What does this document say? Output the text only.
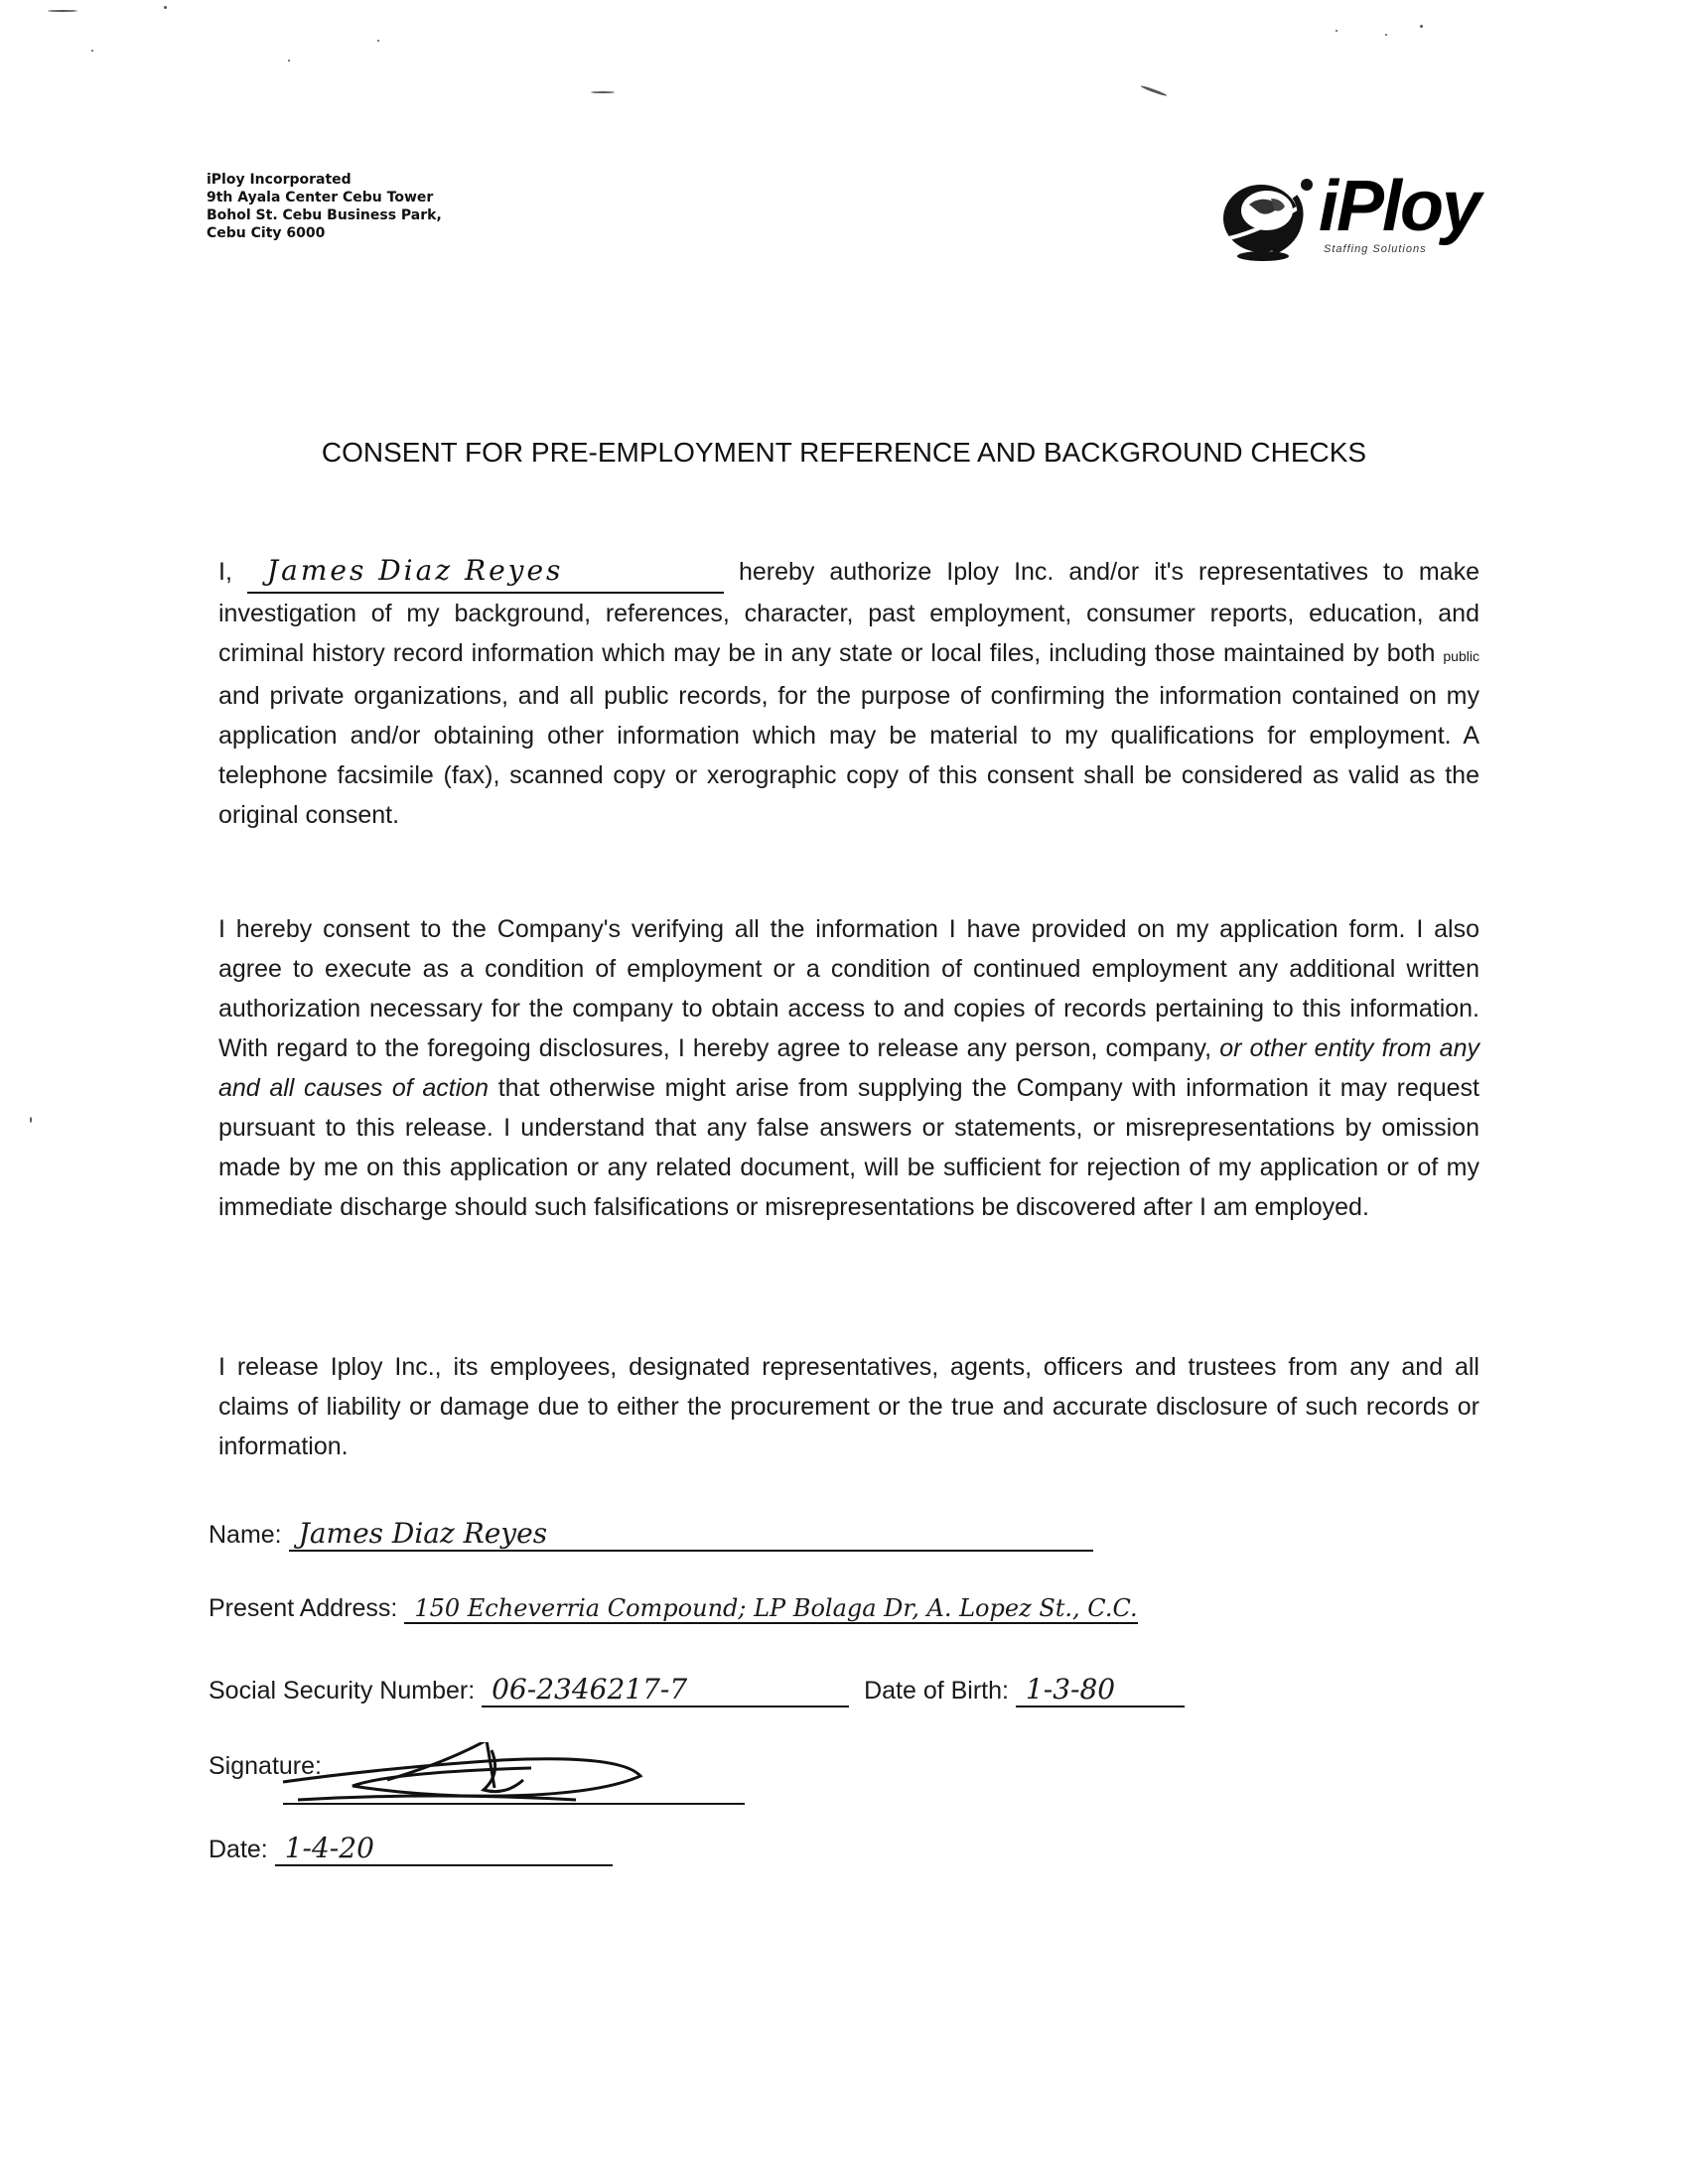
iPloy Incorporated
9th Ayala Center Cebu Tower
Bohol St. Cebu Business Park,
Cebu City 6000	iPloy
Staffing Solutions
CONSENT FOR PRE-EMPLOYMENT REFERENCE AND BACKGROUND CHECKS
I, James Diaz Reyes	hereby authorize Iploy Inc. and/or it's representatives to make investigation of my background, references, character, past employment, consumer reports, education, and criminal history record information which may be in any state or local files, including those maintained by both public and private organizations, and all public records, for the purpose of confirming the information contained on my application and/or obtaining other information which may be material to my qualifications for employment. A telephone facsimile (fax), scanned copy or xerographic copy of this consent shall be considered as valid as the original consent.
I hereby consent to the Company's verifying all the information I have provided on my application form. I also agree to execute as a condition of employment or a condition of continued employment any additional written authorization necessary for the company to obtain access to and copies of records pertaining to this information. With regard to the foregoing disclosures, I hereby agree to release any person, company, or other entity from any and all causes of action that otherwise might arise from supplying the Company with information it may request pursuant to this release. I understand that any false answers or statements, or misrepresentations by omission made by me on this application or any related document, will be sufficient for rejection of my application or of my immediate discharge should such falsifications or misrepresentations be discovered after I am employed.
I release Iploy Inc., its employees, designated representatives, agents, officers and trustees from any and all claims of liability or damage due to either the procurement or the true and accurate disclosure of such records or information.
Name: James Diaz Reyes
Present Address: 150 Echeverria Compound; LP Bolaga Dr, A. Lopez St., C.C.
Social Security Number: 06-2346217-7	Date of Birth: 1-3-80
Signature:
Date: 1-4-20
